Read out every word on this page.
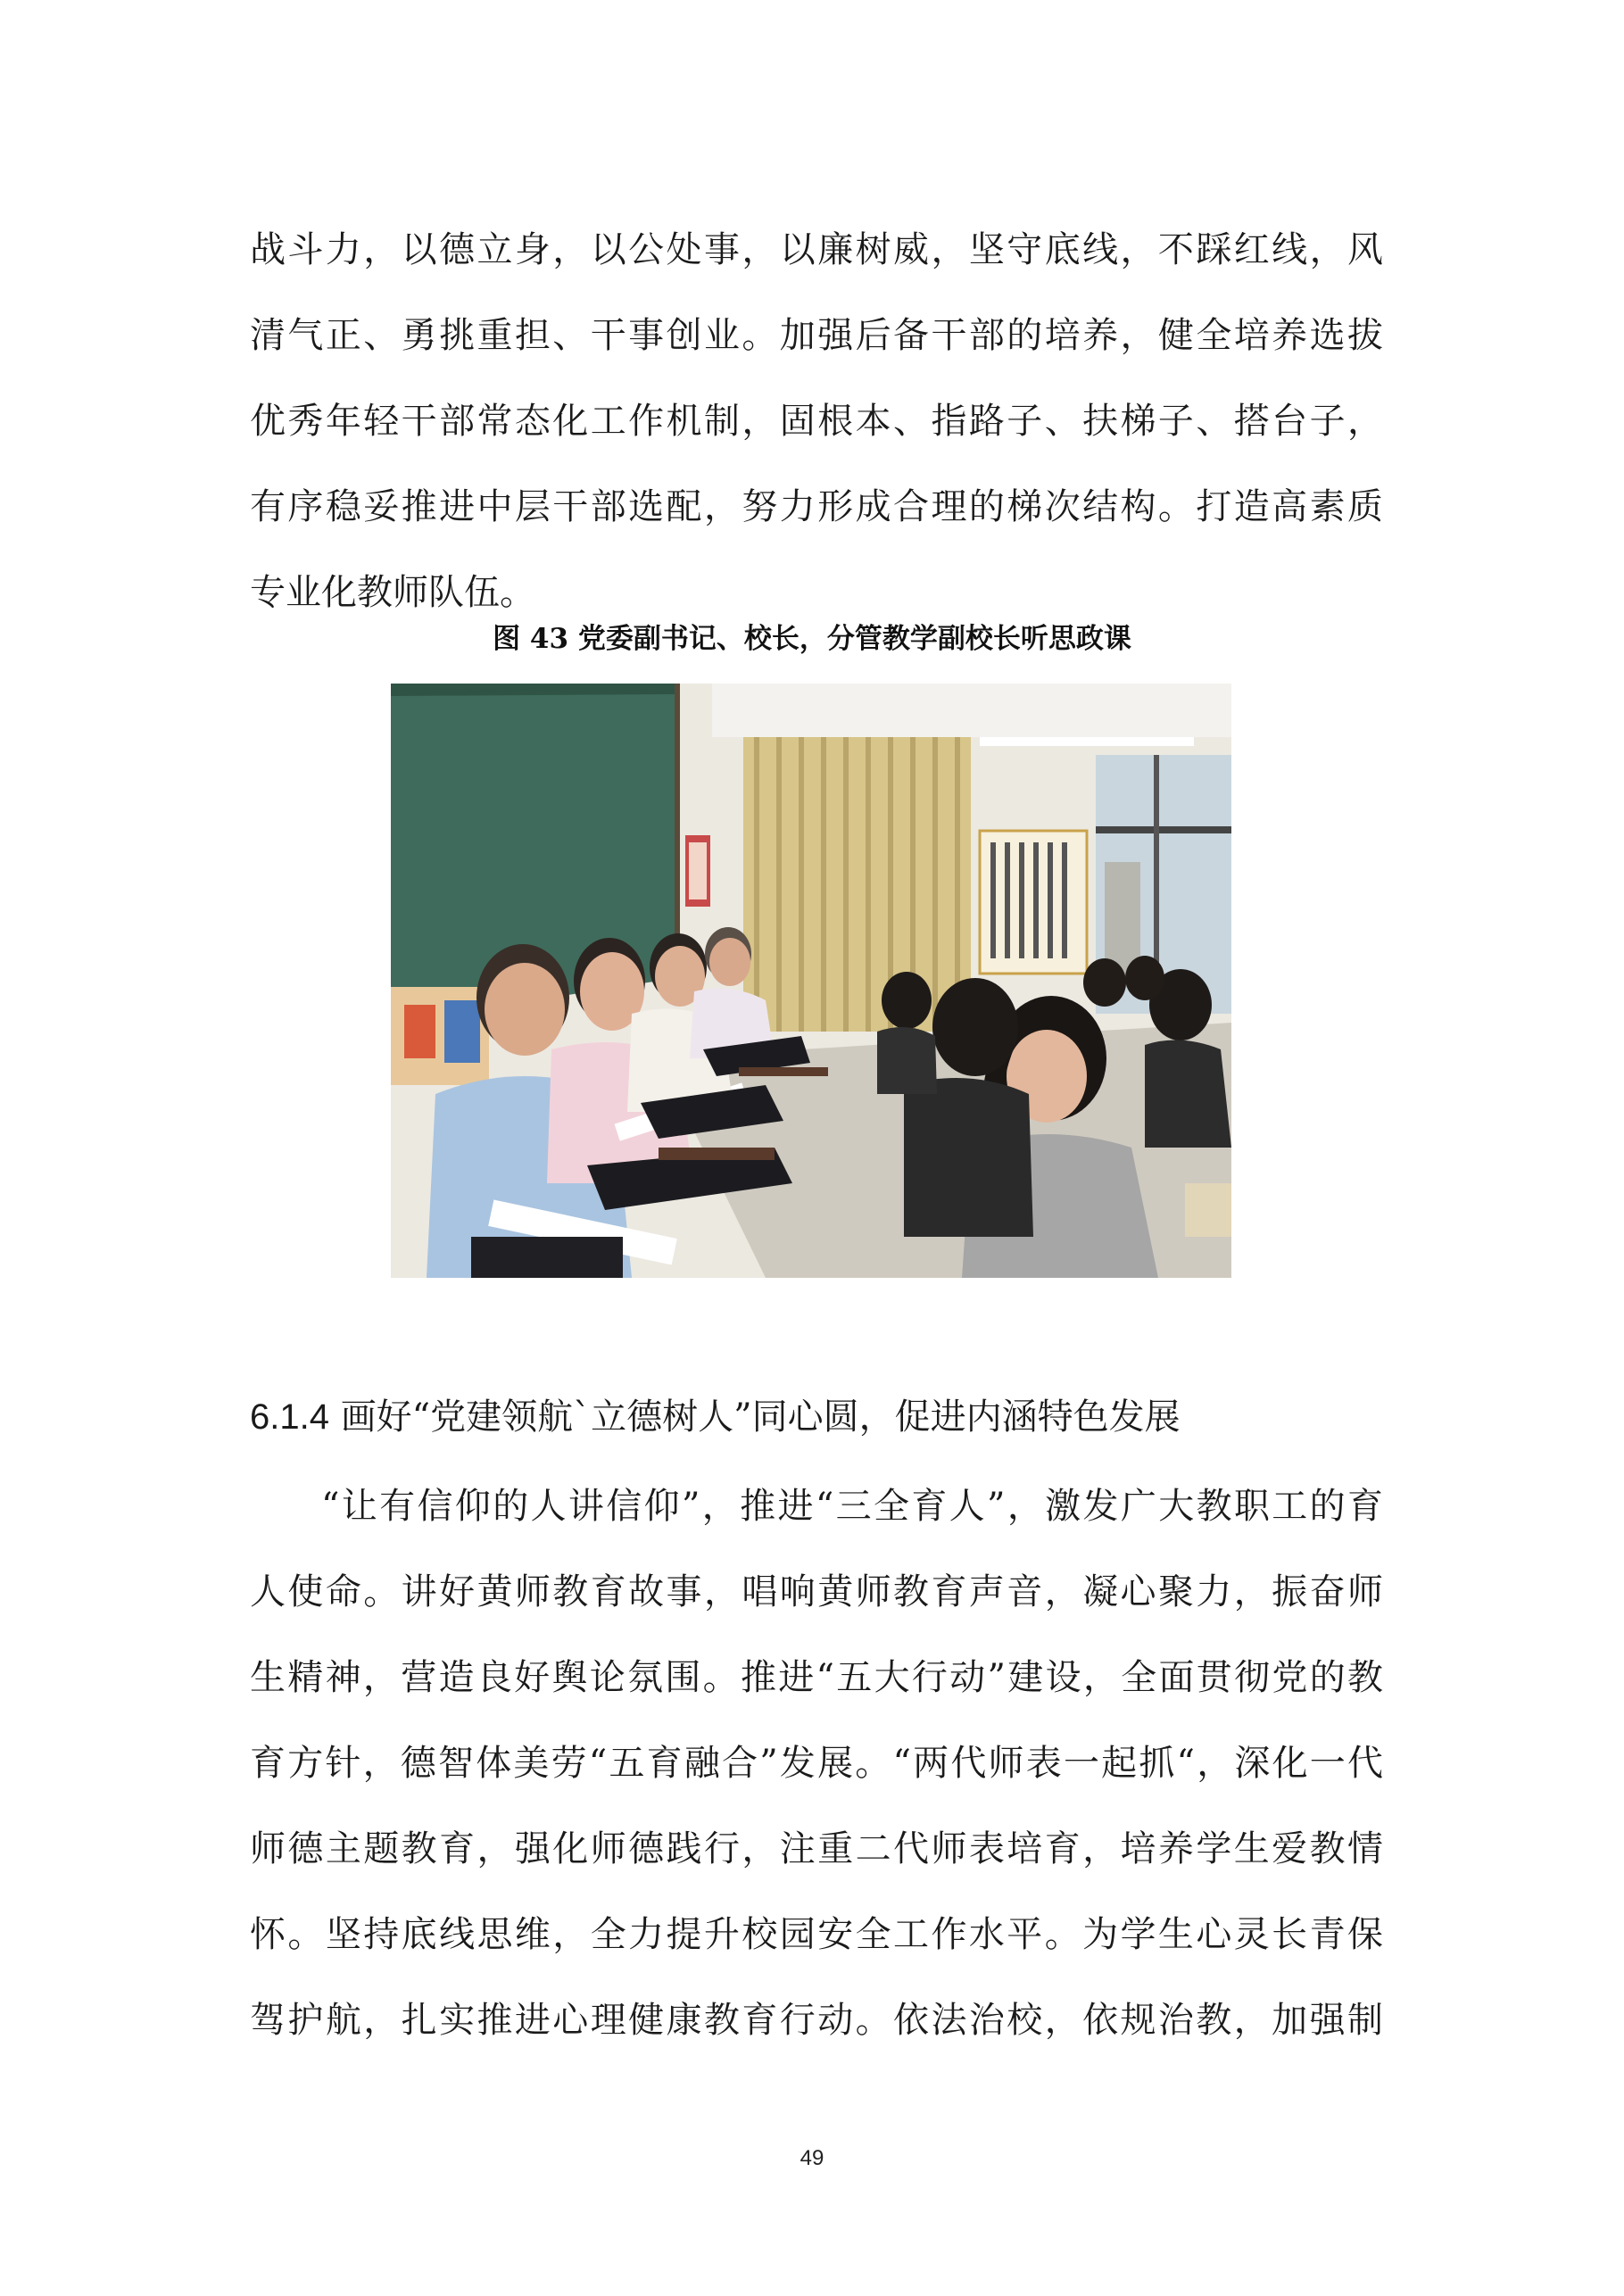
战斗力，以德立身，以公处事，以廉树威，坚守底线，不踩红线，风
清气正、勇挑重担、干事创业。加强后备干部的培养，健全培养选拔
优秀年轻干部常态化工作机制，固根本、指路子、扶梯子、搭台子，
有序稳妥推进中层干部选配，努力形成合理的梯次结构。打造高素质
专业化教师队伍。
图 43 党委副书记、校长，分管教学副校长听思政课
6.1.4 画好“党建领航`立德树人”同心圆，促进内涵特色发展
“让有信仰的人讲信仰”，推进“三全育人”，激发广大教职工的育
人使命。讲好黄师教育故事，唱响黄师教育声音，凝心聚力，振奋师
生精神，营造良好舆论氛围。推进“五大行动”建设，全面贯彻党的教
育方针，德智体美劳“五育融合”发展。“两代师表一起抓“，深化一代
师德主题教育，强化师德践行，注重二代师表培育，培养学生爱教情
怀。坚持底线思维，全力提升校园安全工作水平。为学生心灵长青保
驾护航，扎实推进心理健康教育行动。依法治校，依规治教，加强制
49
